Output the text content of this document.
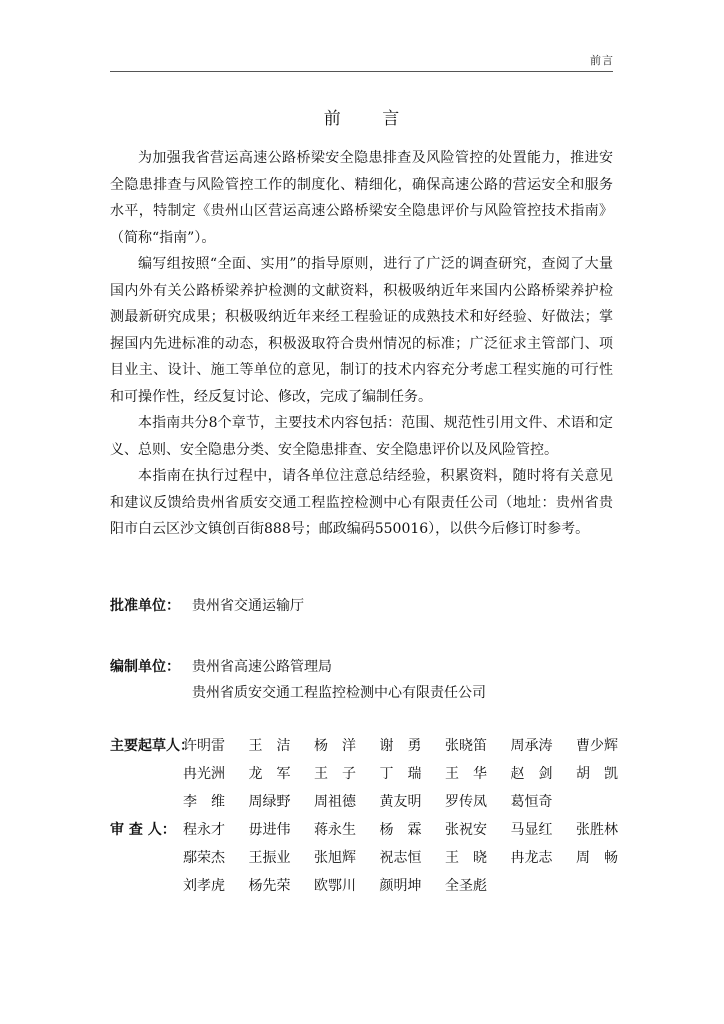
前言
前 言

为加强我省营运高速公路桥梁安全隐患排查及风险管控的处置能力，推进安全隐患排查与风险管控工作的制度化、精细化，确保高速公路的营运安全和服务水平，特制定《贵州山区营运高速公路桥梁安全隐患评价与风险管控技术指南》（简称“指南”）。

编写组按照“全面、实用”的指导原则，进行了广泛的调查研究，查阅了大量国内外有关公路桥梁养护检测的文献资料，积极吸纳近年来国内公路桥梁养护检测最新研究成果；积极吸纳近年来经工程验证的成熟技术和好经验、好做法；掌握国内先进标准的动态，积极汲取符合贵州情况的标准；广泛征求主管部门、项目业主、设计、施工等单位的意见，制订的技术内容充分考虑工程实施的可行性和可操作性，经反复讨论、修改，完成了编制任务。

本指南共分8个章节，主要技术内容包括：范围、规范性引用文件、术语和定义、总则、安全隐患分类、安全隐患排查、安全隐患评价以及风险管控。

本指南在执行过程中，请各单位注意总结经验，积累资料，随时将有关意见和建议反馈给贵州省质安交通工程监控检测中心有限责任公司（地址：贵州省贵阳市白云区沙文镇创百街888号；邮政编码550016），以供今后修订时参考。

批准单位： 贵州省交通运输厅
编制单位： 贵州省高速公路管理局
贵州省质安交通工程监控检测中心有限责任公司
主要起草人：
许明雷	王　洁	杨　洋	谢　勇	张晓笛	周承涛	曹少辉
冉光洲	龙　军	王　子	丁　瑞	王　华	赵　剑	胡　凯
李　维	周绿野	周祖德	黄友明	罗传凤	葛恒奇
审 查 人： 程永才	毋进伟	蒋永生	杨　霖	张祝安	马显红	张胜林
鄢荣杰	王振业	张旭辉	祝志恒	王　晓	冉龙志	周　畅
刘孝虎	杨先荣	欧鄂川	颜明坤	全圣彪
